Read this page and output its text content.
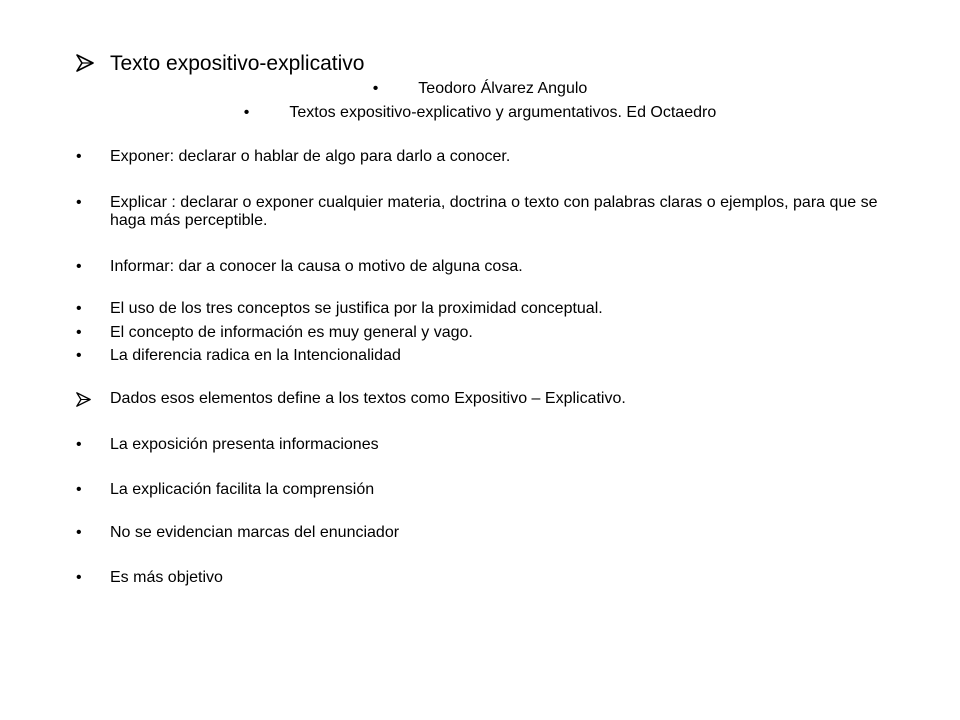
Texto expositivo-explicativo
•	Teodoro Álvarez Angulo
•	Textos expositivo-explicativo y argumentativos. Ed Octaedro
• Exponer: declarar o hablar de algo para darlo a conocer.
• Explicar : declarar o exponer cualquier materia, doctrina o texto con palabras claras o ejemplos, para que se haga más perceptible.
• Informar: dar a conocer la causa o motivo de alguna cosa.
• El uso de los tres conceptos se justifica por la proximidad conceptual.
• El concepto de información es muy general y vago.
• La diferencia radica en la Intencionalidad
Dados esos elementos define a los textos como Expositivo – Explicativo.
• La exposición presenta informaciones
• La explicación facilita la comprensión
• No se evidencian marcas del enunciador
• Es más objetivo
